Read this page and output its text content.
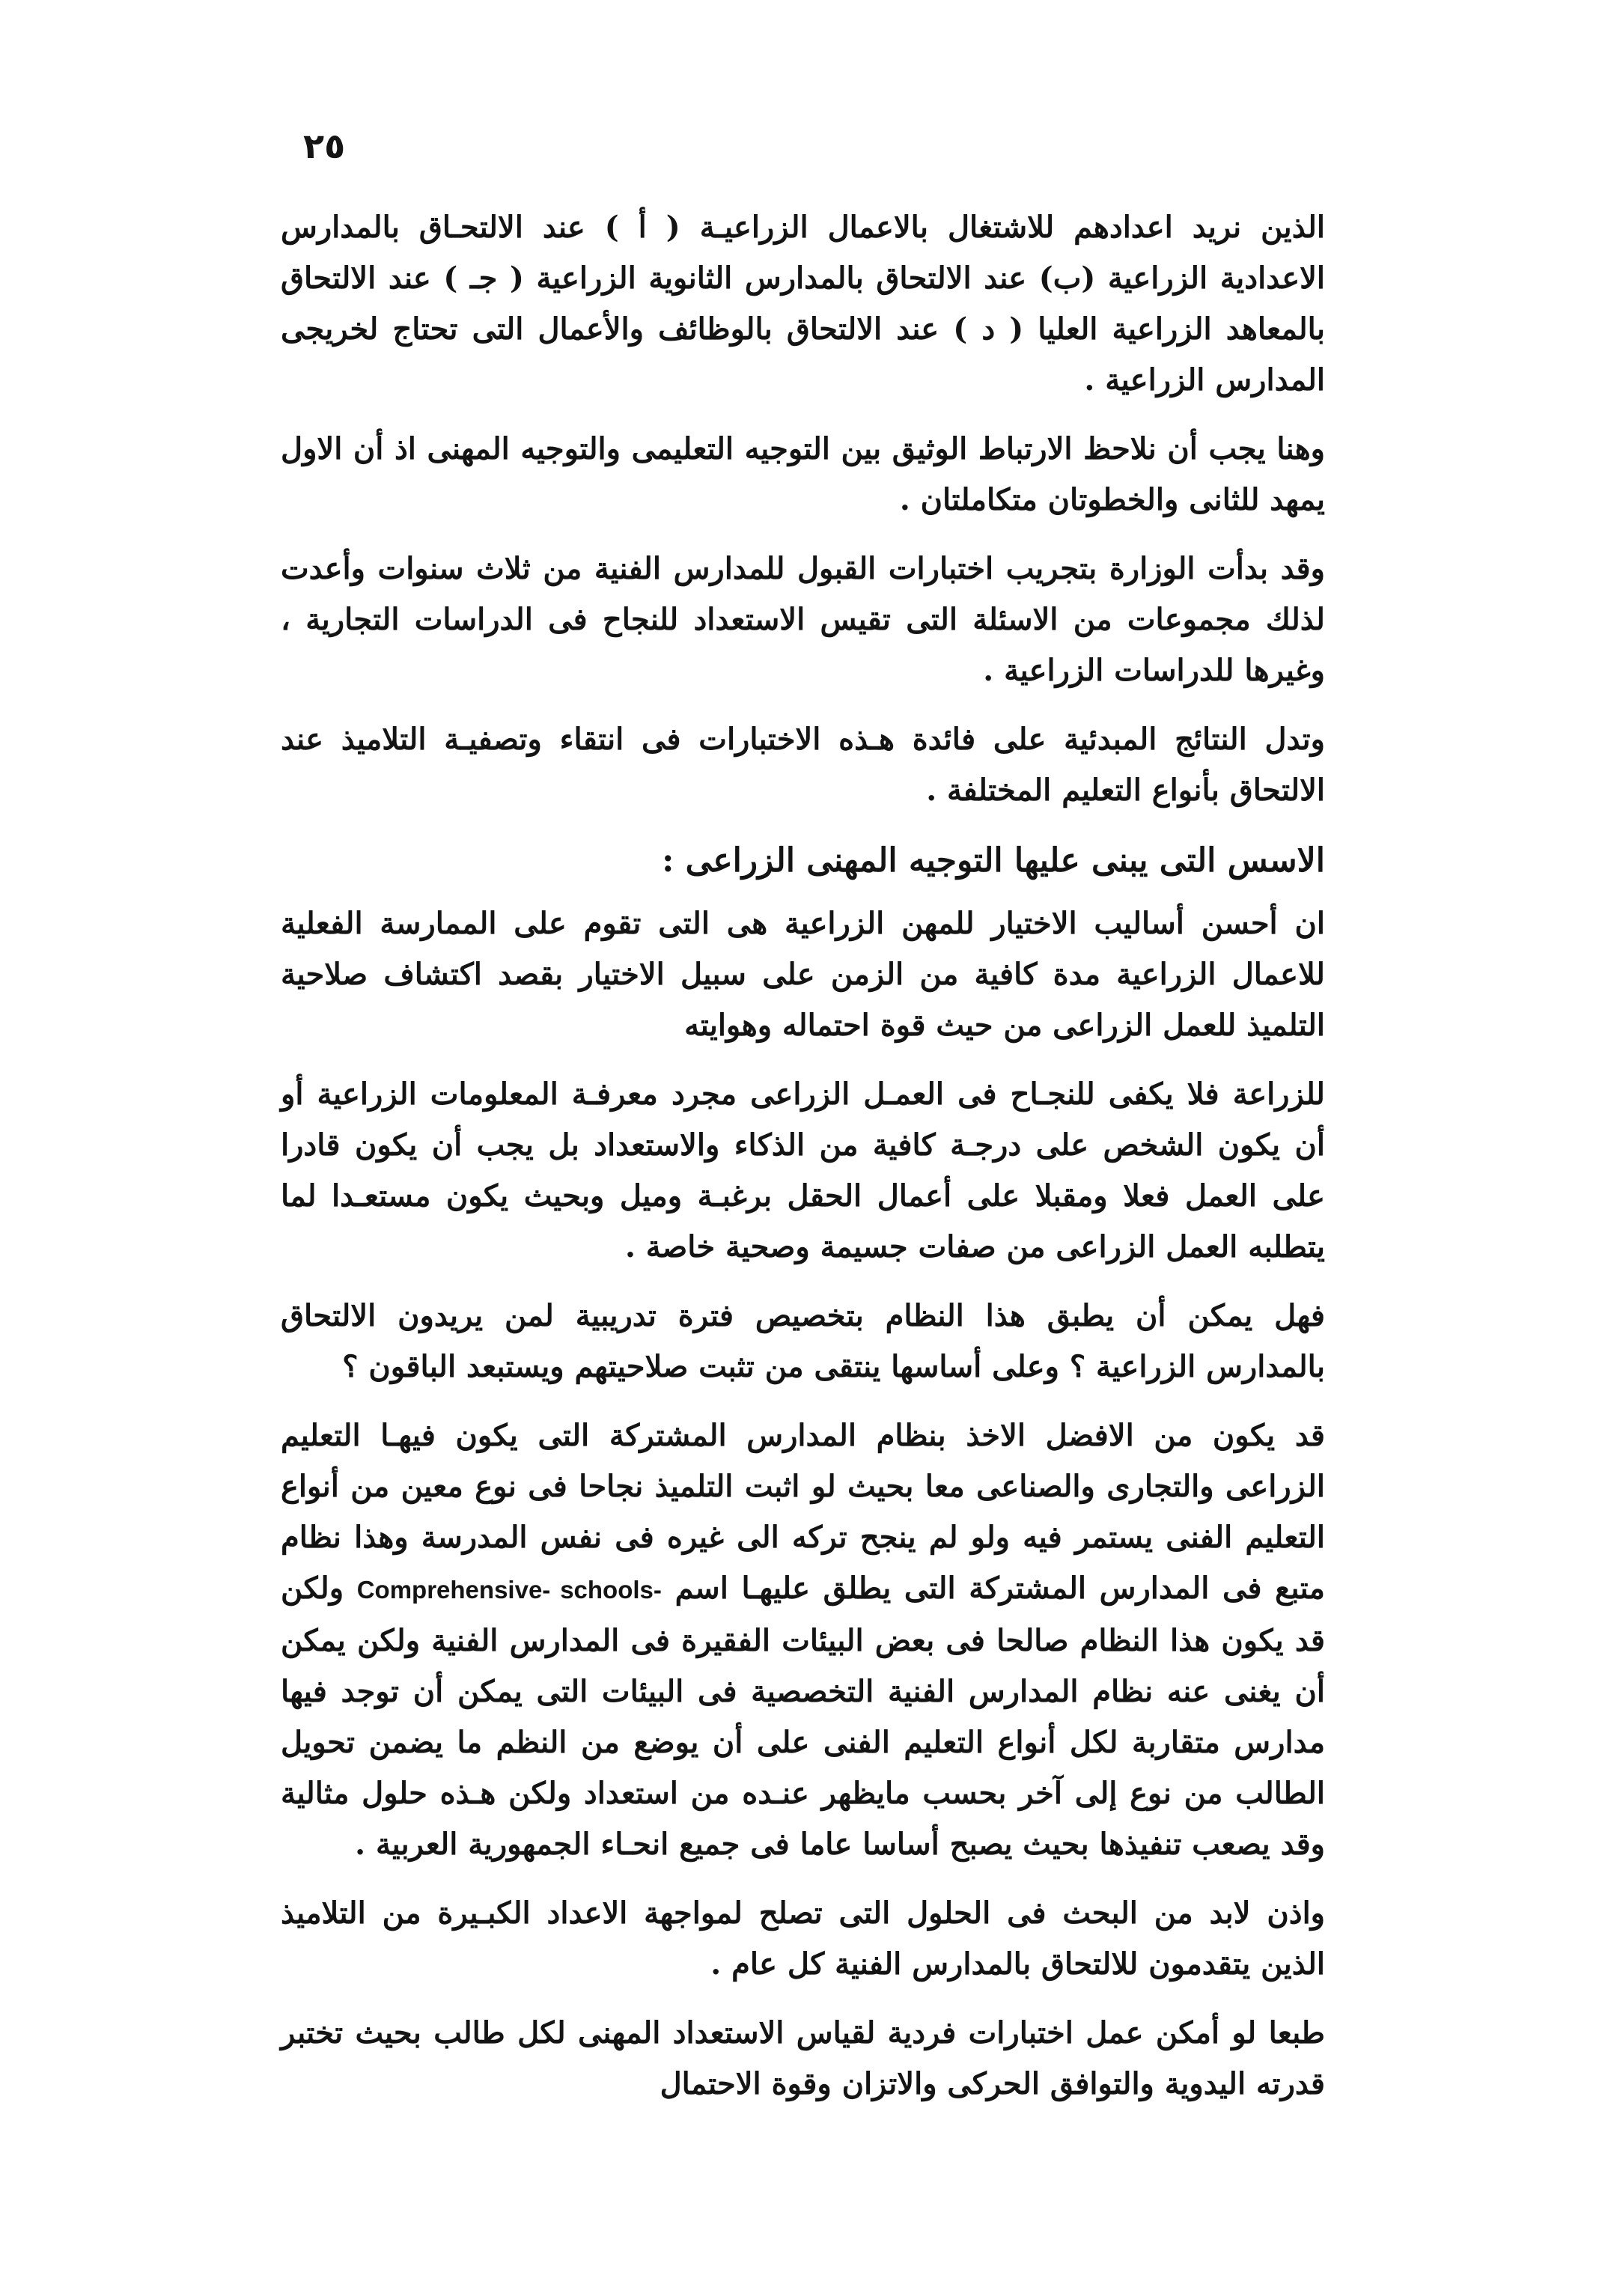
٢٥

الذين نريد اعدادهم للاشتغال بالاعمال الزراعيـة ( أ ) عند الالتحـاق بالمدارس الاعدادية الزراعية (ب) عند الالتحاق بالمدارس الثانوية الزراعية ( جـ ) عند الالتحاق بالمعاهد الزراعية العليا ( د ) عند الالتحاق بالوظائف والأعمال التى تحتاج لخريجى المدارس الزراعية .

وهنا يجب أن نلاحظ الارتباط الوثيق بين التوجيه التعليمى والتوجيه المهنى اذ أن الاول يمهد للثانى والخطوتان متكاملتان .

وقد بدأت الوزارة بتجريب اختبارات القبول للمدارس الفنية من ثلاث سنوات وأعدت لذلك مجموعات من الاسئلة التى تقيس الاستعداد للنجاح فى الدراسات التجارية ، وغيرها للدراسات الزراعية .

وتدل النتائج المبدئية على فائدة هـذه الاختبارات فى انتقاء وتصفيـة التلاميذ عند الالتحاق بأنواع التعليم المختلفة .

الاسس التى يبنى عليها التوجيه المهنى الزراعى :

ان أحسن أساليب الاختيار للمهن الزراعية هى التى تقوم على الممارسة الفعلية للاعمال الزراعية مدة كافية من الزمن على سبيل الاختيار بقصد اكتشاف صلاحية التلميذ للعمل الزراعى من حيث قوة احتماله وهوايته

للزراعة فلا يكفى للنجـاح فى العمـل الزراعى مجرد معرفـة المعلومات الزراعية أو أن يكون الشخص على درجـة كافية من الذكاء والاستعداد بل يجب أن يكون قادرا على العمل فعلا ومقبلا على أعمال الحقل برغبـة وميل وبحيث يكون مستعـدا لما يتطلبه العمل الزراعى من صفات جسيمة وصحية خاصة .

فهل يمكن أن يطبق هذا النظام بتخصيص فترة تدريبية لمن يريدون الالتحاق بالمدارس الزراعية ؟ وعلى أساسها ينتقى من تثبت صلاحيتهم ويستبعد الباقون ؟

قد يكون من الافضل الاخذ بنظام المدارس المشتركة التى يكون فيهـا التعليم الزراعى والتجارى والصناعى معا بحيث لو اثبت التلميذ نجاحا فى نوع معين من أنواع التعليم الفنى يستمر فيه ولو لم ينجح تركه الى غيره فى نفس المدرسة وهذا نظام متبع فى المدارس المشتركة التى يطلق عليهـا اسم Comprehensive- schools- ولكن قد يكون هذا النظام صالحا فى بعض البيئات الفقيرة فى المدارس الفنية ولكن يمكن أن يغنى عنه نظام المدارس الفنية التخصصية فى البيئات التى يمكن أن توجد فيها مدارس متقاربة لكل أنواع التعليم الفنى على أن يوضع من النظم ما يضمن تحويل الطالب من نوع إلى آخر بحسب مايظهر عنـده من استعداد ولكن هـذه حلول مثالية وقد يصعب تنفيذها بحيث يصبح أساسا عاما فى جميع انحـاء الجمهورية العربية .

واذن لابد من البحث فى الحلول التى تصلح لمواجهة الاعداد الكبـيرة من التلاميذ الذين يتقدمون للالتحاق بالمدارس الفنية كل عام .

طبعا لو أمكن عمل اختبارات فردية لقياس الاستعداد المهنى لكل طالب بحيث تختبر قدرته اليدوية والتوافق الحركى والاتزان وقوة الاحتمال
